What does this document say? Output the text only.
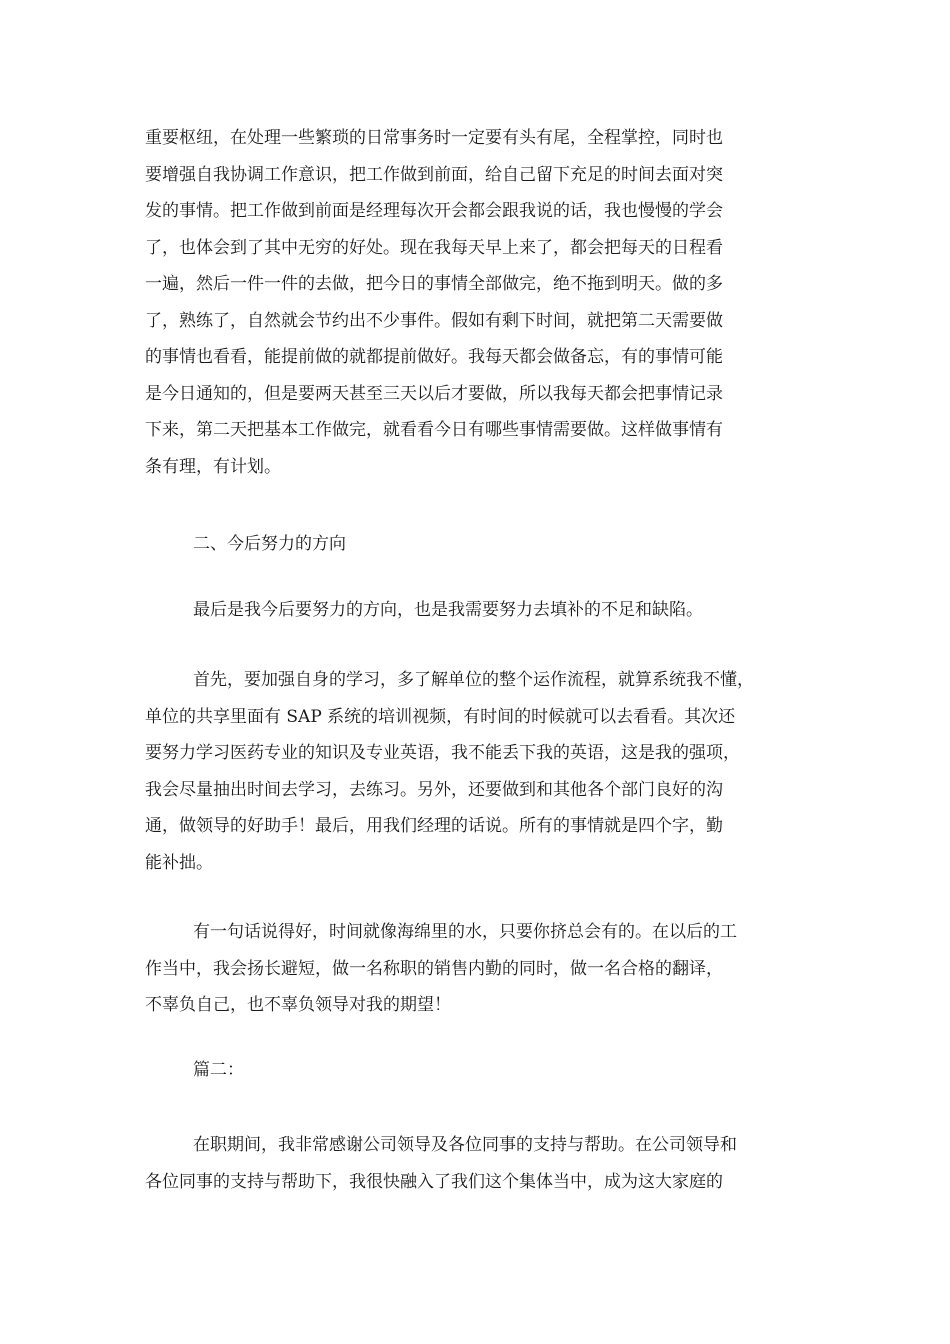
重要枢纽，在处理一些繁琐的日常事务时一定要有头有尾，全程掌控，同时也
要增强自我协调工作意识，把工作做到前面，给自己留下充足的时间去面对突
发的事情。把工作做到前面是经理每次开会都会跟我说的话，我也慢慢的学会
了，也体会到了其中无穷的好处。现在我每天早上来了，都会把每天的日程看
一遍，然后一件一件的去做，把今日的事情全部做完，绝不拖到明天。做的多
了，熟练了，自然就会节约出不少事件。假如有剩下时间，就把第二天需要做
的事情也看看，能提前做的就都提前做好。我每天都会做备忘，有的事情可能
是今日通知的，但是要两天甚至三天以后才要做，所以我每天都会把事情记录
下来，第二天把基本工作做完，就看看今日有哪些事情需要做。这样做事情有
条有理，有计划。
二、今后努力的方向
最后是我今后要努力的方向，也是我需要努力去填补的不足和缺陷。
首先，要加强自身的学习，多了解单位的整个运作流程，就算系统我不懂，
单位的共享里面有 SAP 系统的培训视频，有时间的时候就可以去看看。其次还
要努力学习医药专业的知识及专业英语，我不能丢下我的英语，这是我的强项，
我会尽量抽出时间去学习，去练习。另外，还要做到和其他各个部门良好的沟
通，做领导的好助手！最后，用我们经理的话说。所有的事情就是四个字，勤
能补拙。
有一句话说得好，时间就像海绵里的水，只要你挤总会有的。在以后的工
作当中，我会扬长避短，做一名称职的销售内勤的同时，做一名合格的翻译，
不辜负自己，也不辜负领导对我的期望！
篇二：
在职期间，我非常感谢公司领导及各位同事的支持与帮助。在公司领导和
各位同事的支持与帮助下，我很快融入了我们这个集体当中，成为这大家庭的
